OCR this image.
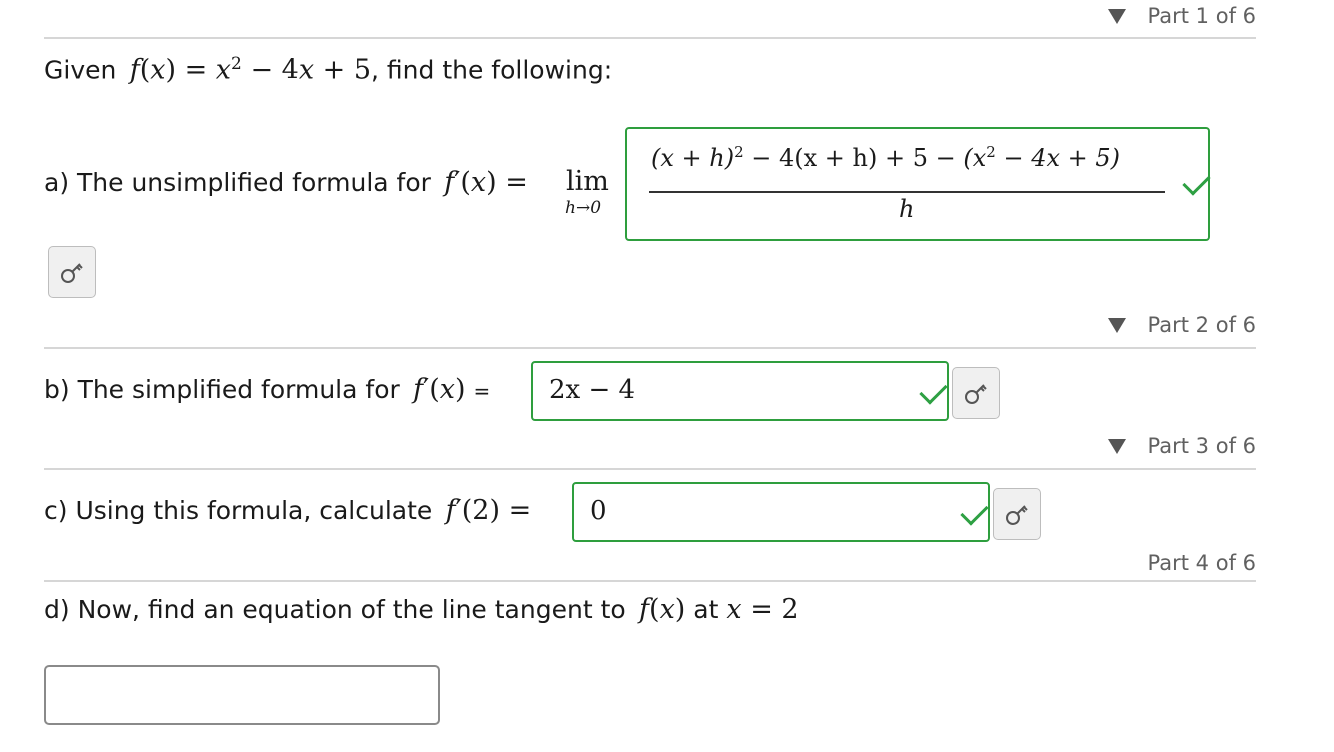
Part 1 of 6
Given  $f(x) = x^2 - 4x + 5$, find the following:
a) The unsimplified formula for  f′(x) = lim
h→0
$(x + h)^2 - 4(x + h) + 5 - (x^2 - 4x + 5)$
h
Part 2 of 6
b) The simplified formula for  f′(x) = 2x − 4
Part 3 of 6
c) Using this formula, calculate  f′(2) = 0
Part 4 of 6
d) Now, find an equation of the line tangent to  f(x) at x = 2
